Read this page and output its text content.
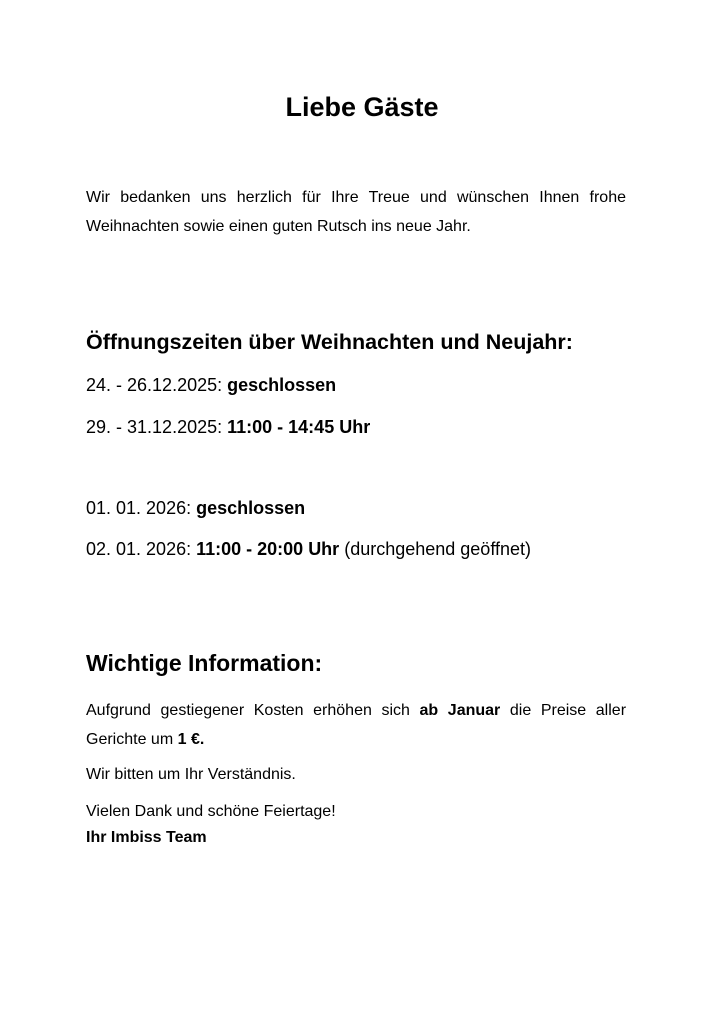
Liebe Gäste

Wir bedanken uns herzlich für Ihre Treue und wünschen Ihnen frohe Weihnachten sowie einen guten Rutsch ins neue Jahr.

Öffnungszeiten über Weihnachten und Neujahr:

24. - 26.12.2025: geschlossen

29. - 31.12.2025: 11:00 - 14:45 Uhr

01. 01. 2026: geschlossen

02. 01. 2026: 11:00 - 20:00 Uhr (durchgehend geöffnet)

Wichtige Information:

Aufgrund gestiegener Kosten erhöhen sich ab Januar die Preise aller Gerichte um 1 €.

Wir bitten um Ihr Verständnis.

Vielen Dank und schöne Feiertage!

Ihr Imbiss Team
